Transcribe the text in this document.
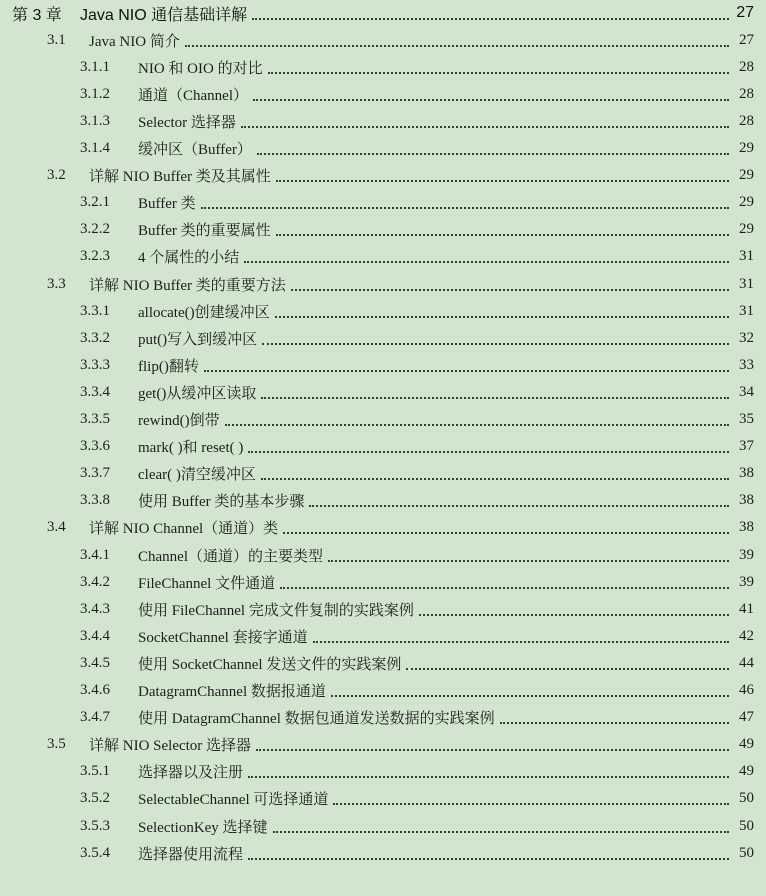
第 3 章	Java NIO 通信基础详解	27
3.1	Java NIO 简介	27
3.1.1	NIO 和 OIO 的对比	28
3.1.2	通道（Channel）	28
3.1.3	Selector 选择器	28
3.1.4	缓冲区（Buffer）	29
3.2	详解 NIO Buffer 类及其属性	29
3.2.1	Buffer 类	29
3.2.2	Buffer 类的重要属性	29
3.2.3	4 个属性的小结	31
3.3	详解 NIO Buffer 类的重要方法	31
3.3.1	allocate()创建缓冲区	31
3.3.2	put()写入到缓冲区	32
3.3.3	flip()翻转	33
3.3.4	get()从缓冲区读取	34
3.3.5	rewind()倒带	35
3.3.6	mark( )和 reset( )	37
3.3.7	clear( )清空缓冲区	38
3.3.8	使用 Buffer 类的基本步骤	38
3.4	详解 NIO Channel（通道）类	38
3.4.1	Channel（通道）的主要类型	39
3.4.2	FileChannel 文件通道	39
3.4.3	使用 FileChannel 完成文件复制的实践案例	41
3.4.4	SocketChannel 套接字通道	42
3.4.5	使用 SocketChannel 发送文件的实践案例	44
3.4.6	DatagramChannel 数据报通道	46
3.4.7	使用 DatagramChannel 数据包通道发送数据的实践案例	47
3.5	详解 NIO Selector 选择器	49
3.5.1	选择器以及注册	49
3.5.2	SelectableChannel 可选择通道	50
3.5.3	SelectionKey 选择键	50
3.5.4	选择器使用流程	50
